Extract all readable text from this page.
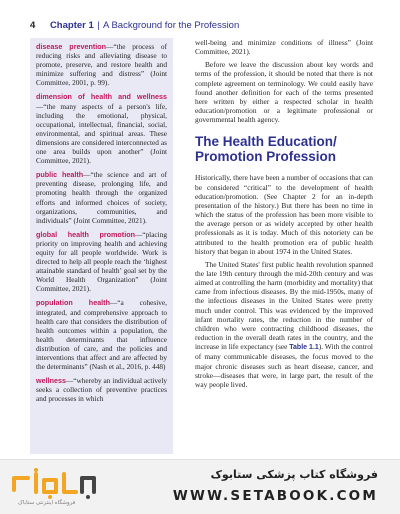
4 Chapter 1 | A Background for the Profession

disease prevention—“the process of reducing risks and alleviating disease to promote, preserve, and restore health and minimize suffering and distress” (Joint Committee, 2001, p. 99).

dimension of health and wellness—“the many aspects of a person's life, including the emotional, physical, occupational, intellectual, financial, social, environmental, and spiritual areas. These dimensions are considered interconnected as one area builds upon another” (Joint Committee, 2021).

public health—“the science and art of preventing disease, prolonging life, and promoting health through the organized efforts and informed choices of society, organizations, communities, and individuals” (Joint Committee, 2021).

global health promotion—“placing priority on improving health and achieving equity for all people worldwide. Work is directed to help all people reach the ‘highest attainable standard of health’ goal set by the World Health Organization” (Joint Committee, 2021).

population health—“a cohesive, integrated, and comprehensive approach to health care that considers the distribution of health outcomes within a population, the health determinants that influence distribution of care, and the policies and interventions that affect and are affected by the determinants” (Nash et al., 2016, p. 448)

wellness—“whereby an individual actively seeks a collection of preventive practices and processes in which

well-being and minimize conditions of illness” (Joint Committee, 2021).

Before we leave the discussion about key words and terms of the profession, it should be noted that there is not complete agreement on terminology. We could easily have found another definition for each of the terms presented here written by either a respected scholar in health education/promotion or a legitimate professional or governmental health agency.

The Health Education/ Promotion Profession

Historically, there have been a number of occasions that can be considered “critical” to the development of health education/promotion. (See Chapter 2 for an in-depth presentation of the history.) But there has been no time in which the status of the profession has been more visible to the average person or as widely accepted by other health professionals as it is today. Much of this notoriety can be attributed to the health promotion era of public health history that began in about 1974 in the United States.

The United States' first public health revolution spanned the late 19th century through the mid-20th century and was aimed at controlling the harm (morbidity and mortality) that came from infectious diseases. By the mid-1950s, many of the infectious diseases in the United States were pretty much under control. This was evidenced by the improved infant mortality rates, the reduction in the number of children who were contracting childhood diseases, the reduction in the overall death rates in the country, and the increase in life expectancy (see Table 1.1). With the control of many communicable diseases, the focus moved to the major chronic diseases such as heart disease, cancer, and stroke—diseases that were, in large part, the result of the way people lived.

فروشگاه اینترنتی ستاباک
فروشگاه کتاب پزشکی ستابوک
WWW.SETABOOK.COM
